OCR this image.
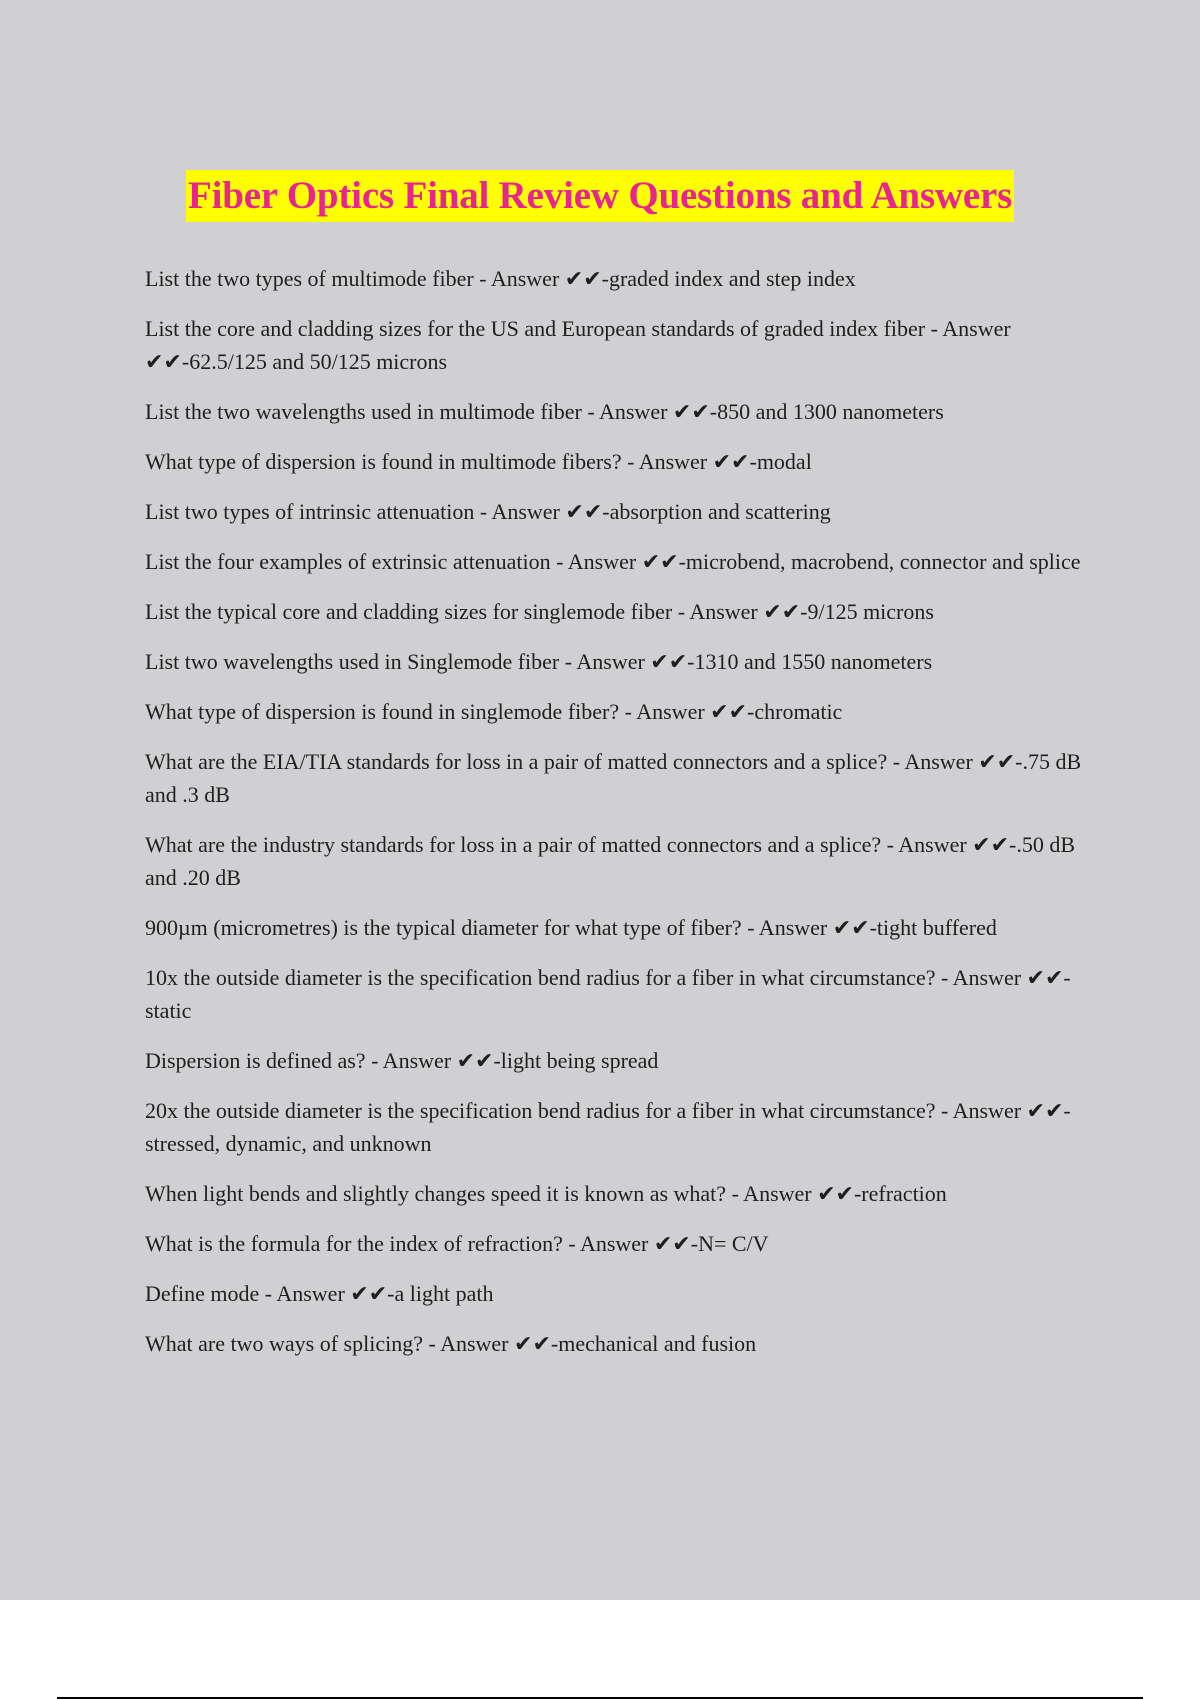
Fiber Optics Final Review Questions and Answers
List the two types of multimode fiber - Answer ✔✔-graded index and step index
List the core and cladding sizes for the US and European standards of graded index fiber - Answer ✔✔-62.5/125 and 50/125 microns
List the two wavelengths used in multimode fiber - Answer ✔✔-850 and 1300 nanometers
What type of dispersion is found in multimode fibers? - Answer ✔✔-modal
List two types of intrinsic attenuation - Answer ✔✔-absorption and scattering
List the four examples of extrinsic attenuation - Answer ✔✔-microbend, macrobend, connector and splice
List the typical core and cladding sizes for singlemode fiber - Answer ✔✔-9/125 microns
List two wavelengths used in Singlemode fiber - Answer ✔✔-1310 and 1550 nanometers
What type of dispersion is found in singlemode fiber? - Answer ✔✔-chromatic
What are the EIA/TIA standards for loss in a pair of matted connectors and a splice? - Answer ✔✔-.75 dB and .3 dB
What are the industry standards for loss in a pair of matted connectors and a splice? - Answer ✔✔-.50 dB and .20 dB
900µm (micrometres) is the typical diameter for what type of fiber? - Answer ✔✔-tight buffered
10x the outside diameter is the specification bend radius for a fiber in what circumstance? - Answer ✔✔-static
Dispersion is defined as? - Answer ✔✔-light being spread
20x the outside diameter is the specification bend radius for a fiber in what circumstance? - Answer ✔✔-stressed, dynamic, and unknown
When light bends and slightly changes speed it is known as what? - Answer ✔✔-refraction
What is the formula for the index of refraction? - Answer ✔✔-N= C/V
Define mode - Answer ✔✔-a light path
What are two ways of splicing? - Answer ✔✔-mechanical and fusion
